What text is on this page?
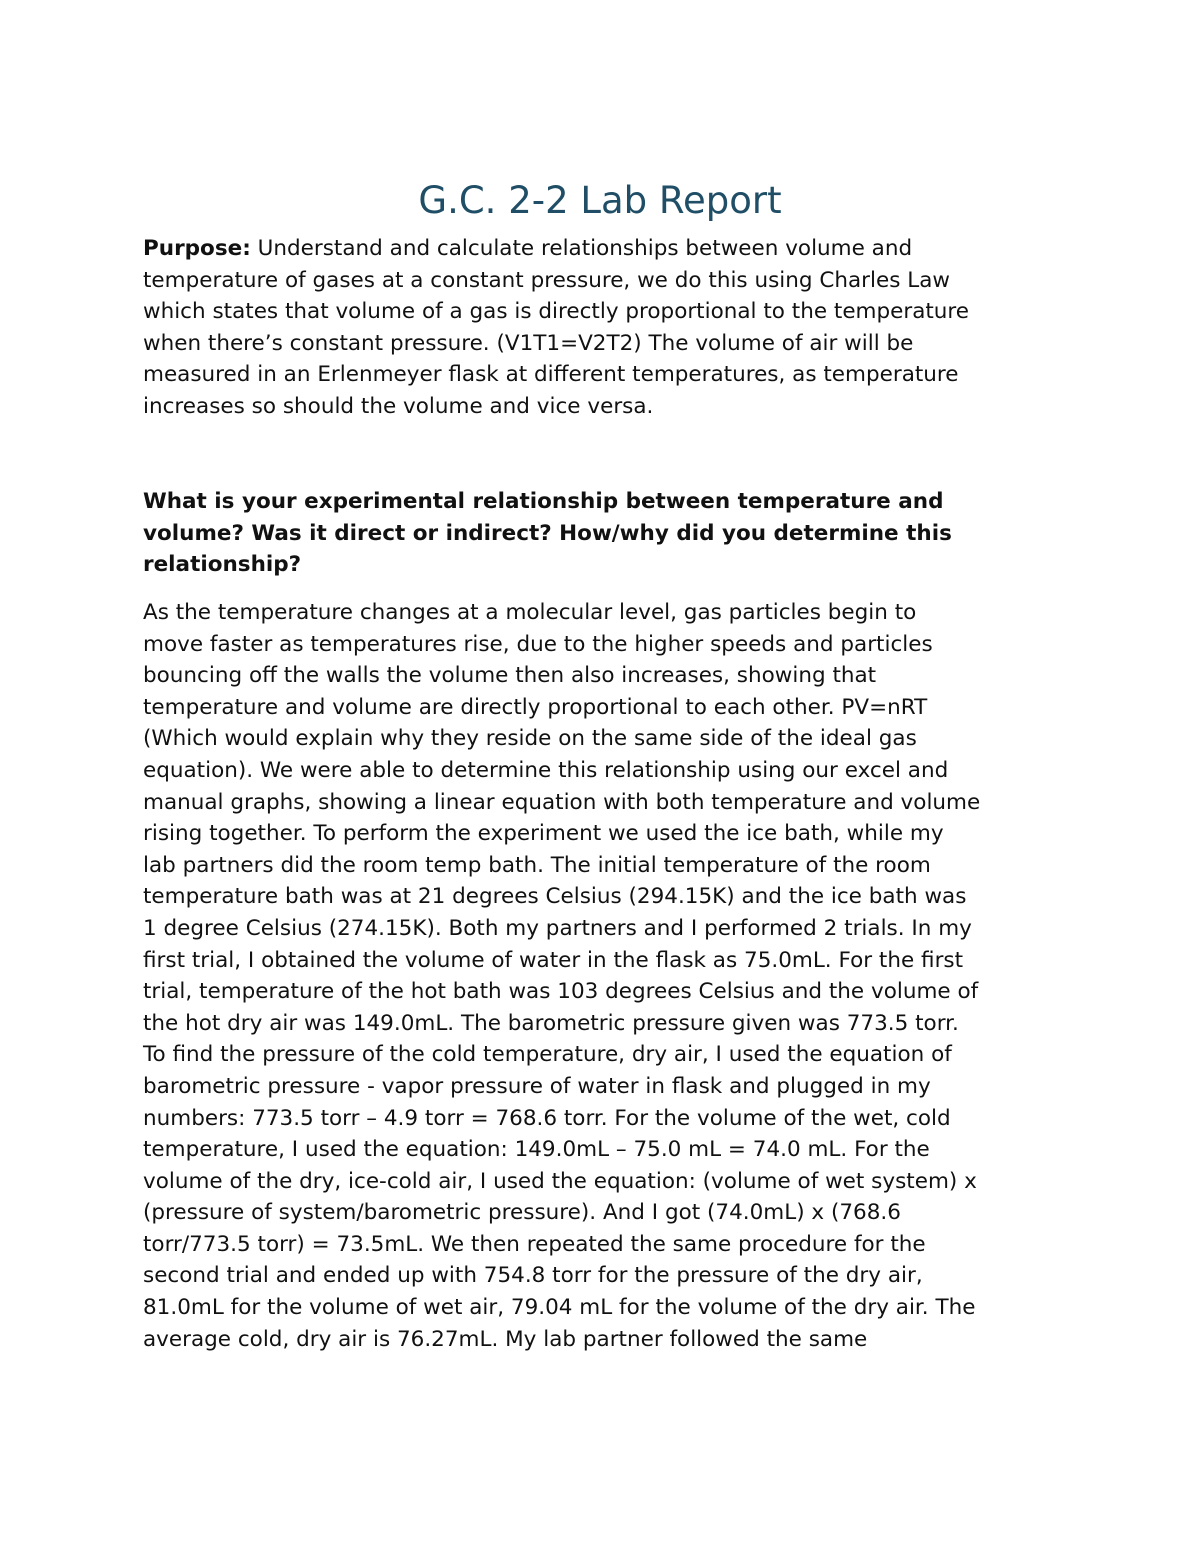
G.C. 2-2 Lab Report
Purpose: Understand and calculate relationships between volume and
temperature of gases at a constant pressure, we do this using Charles Law
which states that volume of a gas is directly proportional to the temperature
when there’s constant pressure. (V1T1=V2T2) The volume of air will be
measured in an Erlenmeyer flask at different temperatures, as temperature
increases so should the volume and vice versa.
What is your experimental relationship between temperature and
volume? Was it direct or indirect? How/why did you determine this
relationship?
As the temperature changes at a molecular level, gas particles begin to
move faster as temperatures rise, due to the higher speeds and particles
bouncing off the walls the volume then also increases, showing that
temperature and volume are directly proportional to each other. PV=nRT
(Which would explain why they reside on the same side of the ideal gas
equation). We were able to determine this relationship using our excel and
manual graphs, showing a linear equation with both temperature and volume
rising together. To perform the experiment we used the ice bath, while my
lab partners did the room temp bath. The initial temperature of the room
temperature bath was at 21 degrees Celsius (294.15K) and the ice bath was
1 degree Celsius (274.15K). Both my partners and I performed 2 trials. In my
first trial, I obtained the volume of water in the flask as 75.0mL. For the first
trial, temperature of the hot bath was 103 degrees Celsius and the volume of
the hot dry air was 149.0mL. The barometric pressure given was 773.5 torr.
To find the pressure of the cold temperature, dry air, I used the equation of
barometric pressure - vapor pressure of water in flask and plugged in my
numbers: 773.5 torr – 4.9 torr = 768.6 torr. For the volume of the wet, cold
temperature, I used the equation: 149.0mL – 75.0 mL = 74.0 mL. For the
volume of the dry, ice-cold air, I used the equation: (volume of wet system) x
(pressure of system/barometric pressure). And I got (74.0mL) x (768.6
torr/773.5 torr) = 73.5mL. We then repeated the same procedure for the
second trial and ended up with 754.8 torr for the pressure of the dry air,
81.0mL for the volume of wet air, 79.04 mL for the volume of the dry air. The
average cold, dry air is 76.27mL. My lab partner followed the same
